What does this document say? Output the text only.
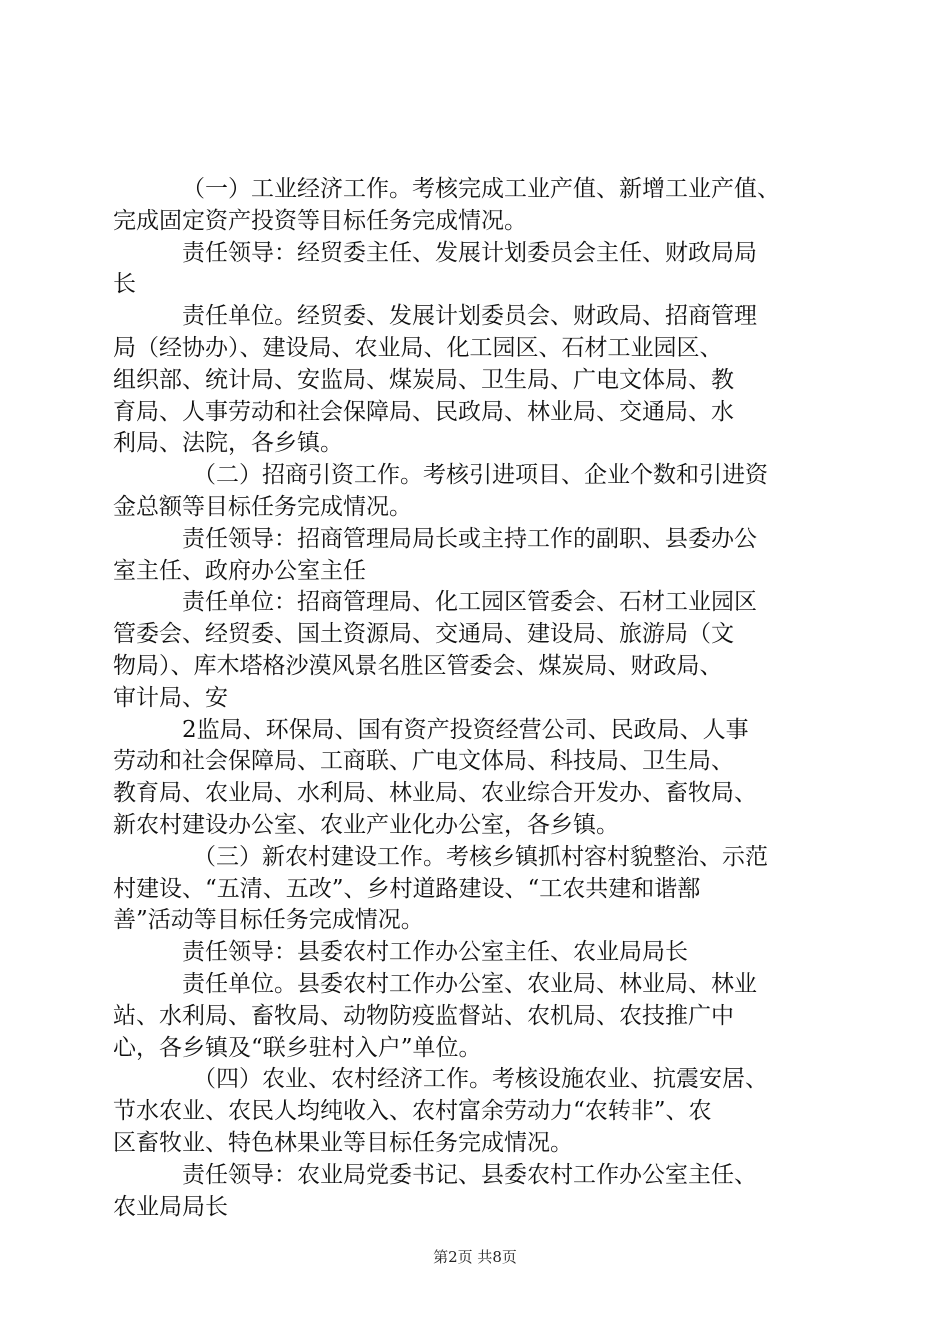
（一）工业经济工作。考核完成工业产值、新增工业产值、
完成固定资产投资等目标任务完成情况。
责任领导：经贸委主任、发展计划委员会主任、财政局局
长
责任单位。经贸委、发展计划委员会、财政局、招商管理
局（经协办）、建设局、农业局、化工园区、石材工业园区、
组织部、统计局、安监局、煤炭局、卫生局、广电文体局、教
育局、人事劳动和社会保障局、民政局、林业局、交通局、水
利局、法院，各乡镇。
（二）招商引资工作。考核引进项目、企业个数和引进资
金总额等目标任务完成情况。
责任领导：招商管理局局长或主持工作的副职、县委办公
室主任、政府办公室主任
责任单位：招商管理局、化工园区管委会、石材工业园区
管委会、经贸委、国土资源局、交通局、建设局、旅游局（文
物局）、库木塔格沙漠风景名胜区管委会、煤炭局、财政局、
审计局、安
2监局、环保局、国有资产投资经营公司、民政局、人事
劳动和社会保障局、工商联、广电文体局、科技局、卫生局、
教育局、农业局、水利局、林业局、农业综合开发办、畜牧局、
新农村建设办公室、农业产业化办公室，各乡镇。
（三）新农村建设工作。考核乡镇抓村容村貌整治、示范
村建设、“五清、五改”、乡村道路建设、“工农共建和谐鄯
善”活动等目标任务完成情况。
责任领导：县委农村工作办公室主任、农业局局长
责任单位。县委农村工作办公室、农业局、林业局、林业
站、水利局、畜牧局、动物防疫监督站、农机局、农技推广中
心，各乡镇及“联乡驻村入户”单位。
（四）农业、农村经济工作。考核设施农业、抗震安居、
节水农业、农民人均纯收入、农村富余劳动力“农转非”、农
区畜牧业、特色林果业等目标任务完成情况。
责任领导：农业局党委书记、县委农村工作办公室主任、
农业局局长
第2页 共8页
